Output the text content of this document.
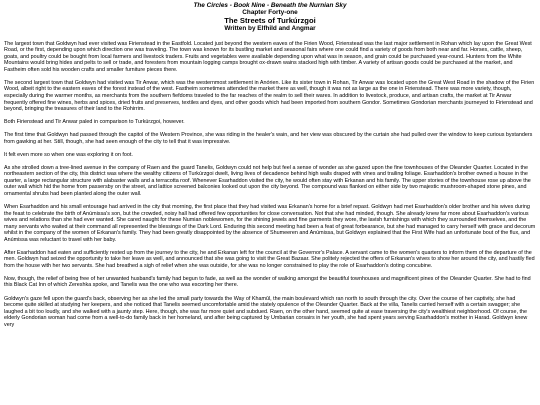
The Circles - Book Nine - Beneath the Nurnian Sky
Chapter Forty-one
The Streets of Turkúrzgoi
Written by Elfhild and Angmar

The largest town that Goldwyn had ever visited was Firienstead in the Eastfold. Located just beyond the western eaves of the Firien Wood, Firienstead was the last major settlement in Rohan which lay upon the Great West Road, or the first, depending upon which direction one was traveling. The town was known for its bustling market and seasonal fairs where one could find a variety of goods from both near and far. Horses, cattle, sheep, goats, and poultry could be bought from local farmers and livestock traders. Fruits and vegetables were available depending upon what was in season, and grain could be purchased year-round. Hunters from the White Mountains would bring hides and pelts to sell or trade, and foresters from mountain logging camps brought ox-drawn wains stacked high with timber. A variety of artisan goods could be purchased at the market, and Fastheim often sold his wooden crafts and smaller furniture pieces there.

The second largest town that Goldwyn had visited was Tir Anwar, which was the westernmost settlement in Anórien. Like its sister town in Rohan, Tir Anwar was located upon the Great West Road in the shadow of the Firien Wood, albeit right to the eastern eaves of the forest instead of the west. Fastheim sometimes attended the market there as well, though it was not as large as the one in Firienstead. There was more variety, though, especially during the warmer months, as merchants from the southern fiefdoms traveled to the far reaches of the realm to sell their wares. In addition to livestock, produce, and artisan crafts, the market at Tir Anwar frequently offered fine wines, herbs and spices, dried fruits and preserves, textiles and dyes, and other goods which had been imported from southern Gondor. Sometimes Gondorian merchants journeyed to Firienstead and beyond, bringing the treasures of their land to the Rohirrim.

Both Firienstead and Tir Anwar paled in comparison to Turkúrzgoi, however.

The first time that Goldwyn had passed through the capitol of the Western Province, she was riding in the healer's wain, and her view was obscured by the curtain she had pulled over the window to keep curious bystanders from gawking at her. Still, though, she had seen enough of the city to tell that it was impressive.

It felt even more so when one was exploring it on foot.

As she strolled down a tree-lined avenue in the company of Raen and the guard Tanelis, Goldwyn could not help but feel a sense of wonder as she gazed upon the fine townhouses of the Oleander Quarter. Located in the northeastern section of the city, this district was where the wealthy citizens of Turkúrzgoi dwelt, living lives of decadence behind high walls draped with vines and trailing foliage. Esarhaddon's brother owned a house in the quarter, a large rectangular structure with alabaster walls and a terracotta roof. Whenever Esarhaddon visited the city, he would often stay with Erkanan and his family. The upper stories of the townhouse rose up above the outer wall which hid the home from passersby on the street, and lattice screened balconies looked out upon the city beyond. The compound was flanked on either side by two majestic mushroom-shaped stone pines, and ornamental shrubs had been planted along the outer wall.

When Esarhaddon and his small entourage had arrived in the city that morning, the first place that they had visited was Erkanan's home for a brief repast. Goldwyn had met Esarhaddon's older brother and his wives during the feast to celebrate the birth of Anúmissa's son, but the crowded, noisy hall had offered few opportunities for close conversation. Not that she had minded, though. She already knew far more about Esarhaddon's various wives and relations than she had ever wanted. She cared naught for these Numian noblewomen, for the shining jewels and fine garments they wore, the lavish furnishings with which they surrounded themselves, and the many servants who waited at their command all represented the blessings of the Dark Lord. Enduring this second meeting had been a feat of great forbearance, but she had managed to carry herself with grace and decorum whilst in the company of the women of Erkanan's family. They had been greatly disappointed by the absence of Shumeeren and Anúmissa, but Goldwyn explained that the First Wife had an unfortunate bout of the flux, and Anúmissa was reluctant to travel with her baby.

After Esarhaddon had eaten and sufficiently rested up from the journey to the city, he and Erkanan left for the council at the Governor's Palace. A servant came to the women's quarters to inform them of the departure of the men. Goldwyn had seized the opportunity to take her leave as well, and announced that she was going to visit the Great Bazaar. She politely rejected the offers of Erkanan's wives to show her around the city, and hastily fled from the house with her two servants. She had breathed a sigh of relief when she was outside, for she was no longer constrained to play the role of Esarhaddon's doting concubine.

Now, though, the relief of being free of her unwanted husband's family had begun to fade, as well as the wonder of walking amongst the beautiful townhouses and magnificent pines of the Oleander Quarter. She had to find this Black Cat Inn of which Zereshka spoke, and Tanelis was the one who was escorting her there.

Goldwyn's gaze fell upon the guard's back, observing her as she led the small party towards the Way of Khamûl, the main boulevard which ran north to south through the city. Over the course of her captivity, she had become quite skilled at studying her keepers, and she noticed that Tanelis seemed uncomfortable amid the stately opulence of the Oleander Quarter. Back at the villa, Tanelis carried herself with a certain swagger; she laughed a bit too loudly, and she walked with a jaunty step. Here, though, she was far more quiet and subdued. Raen, on the other hand, seemed quite at ease traversing the city's wealthiest neighborhood. Of course, the elderly Gondorian woman had come from a well-to-do family back in her homeland, and after being captured by Umbarian corsairs in her youth, she had spent years serving Esarhaddon's mother in Harad. Goldwyn knew very
